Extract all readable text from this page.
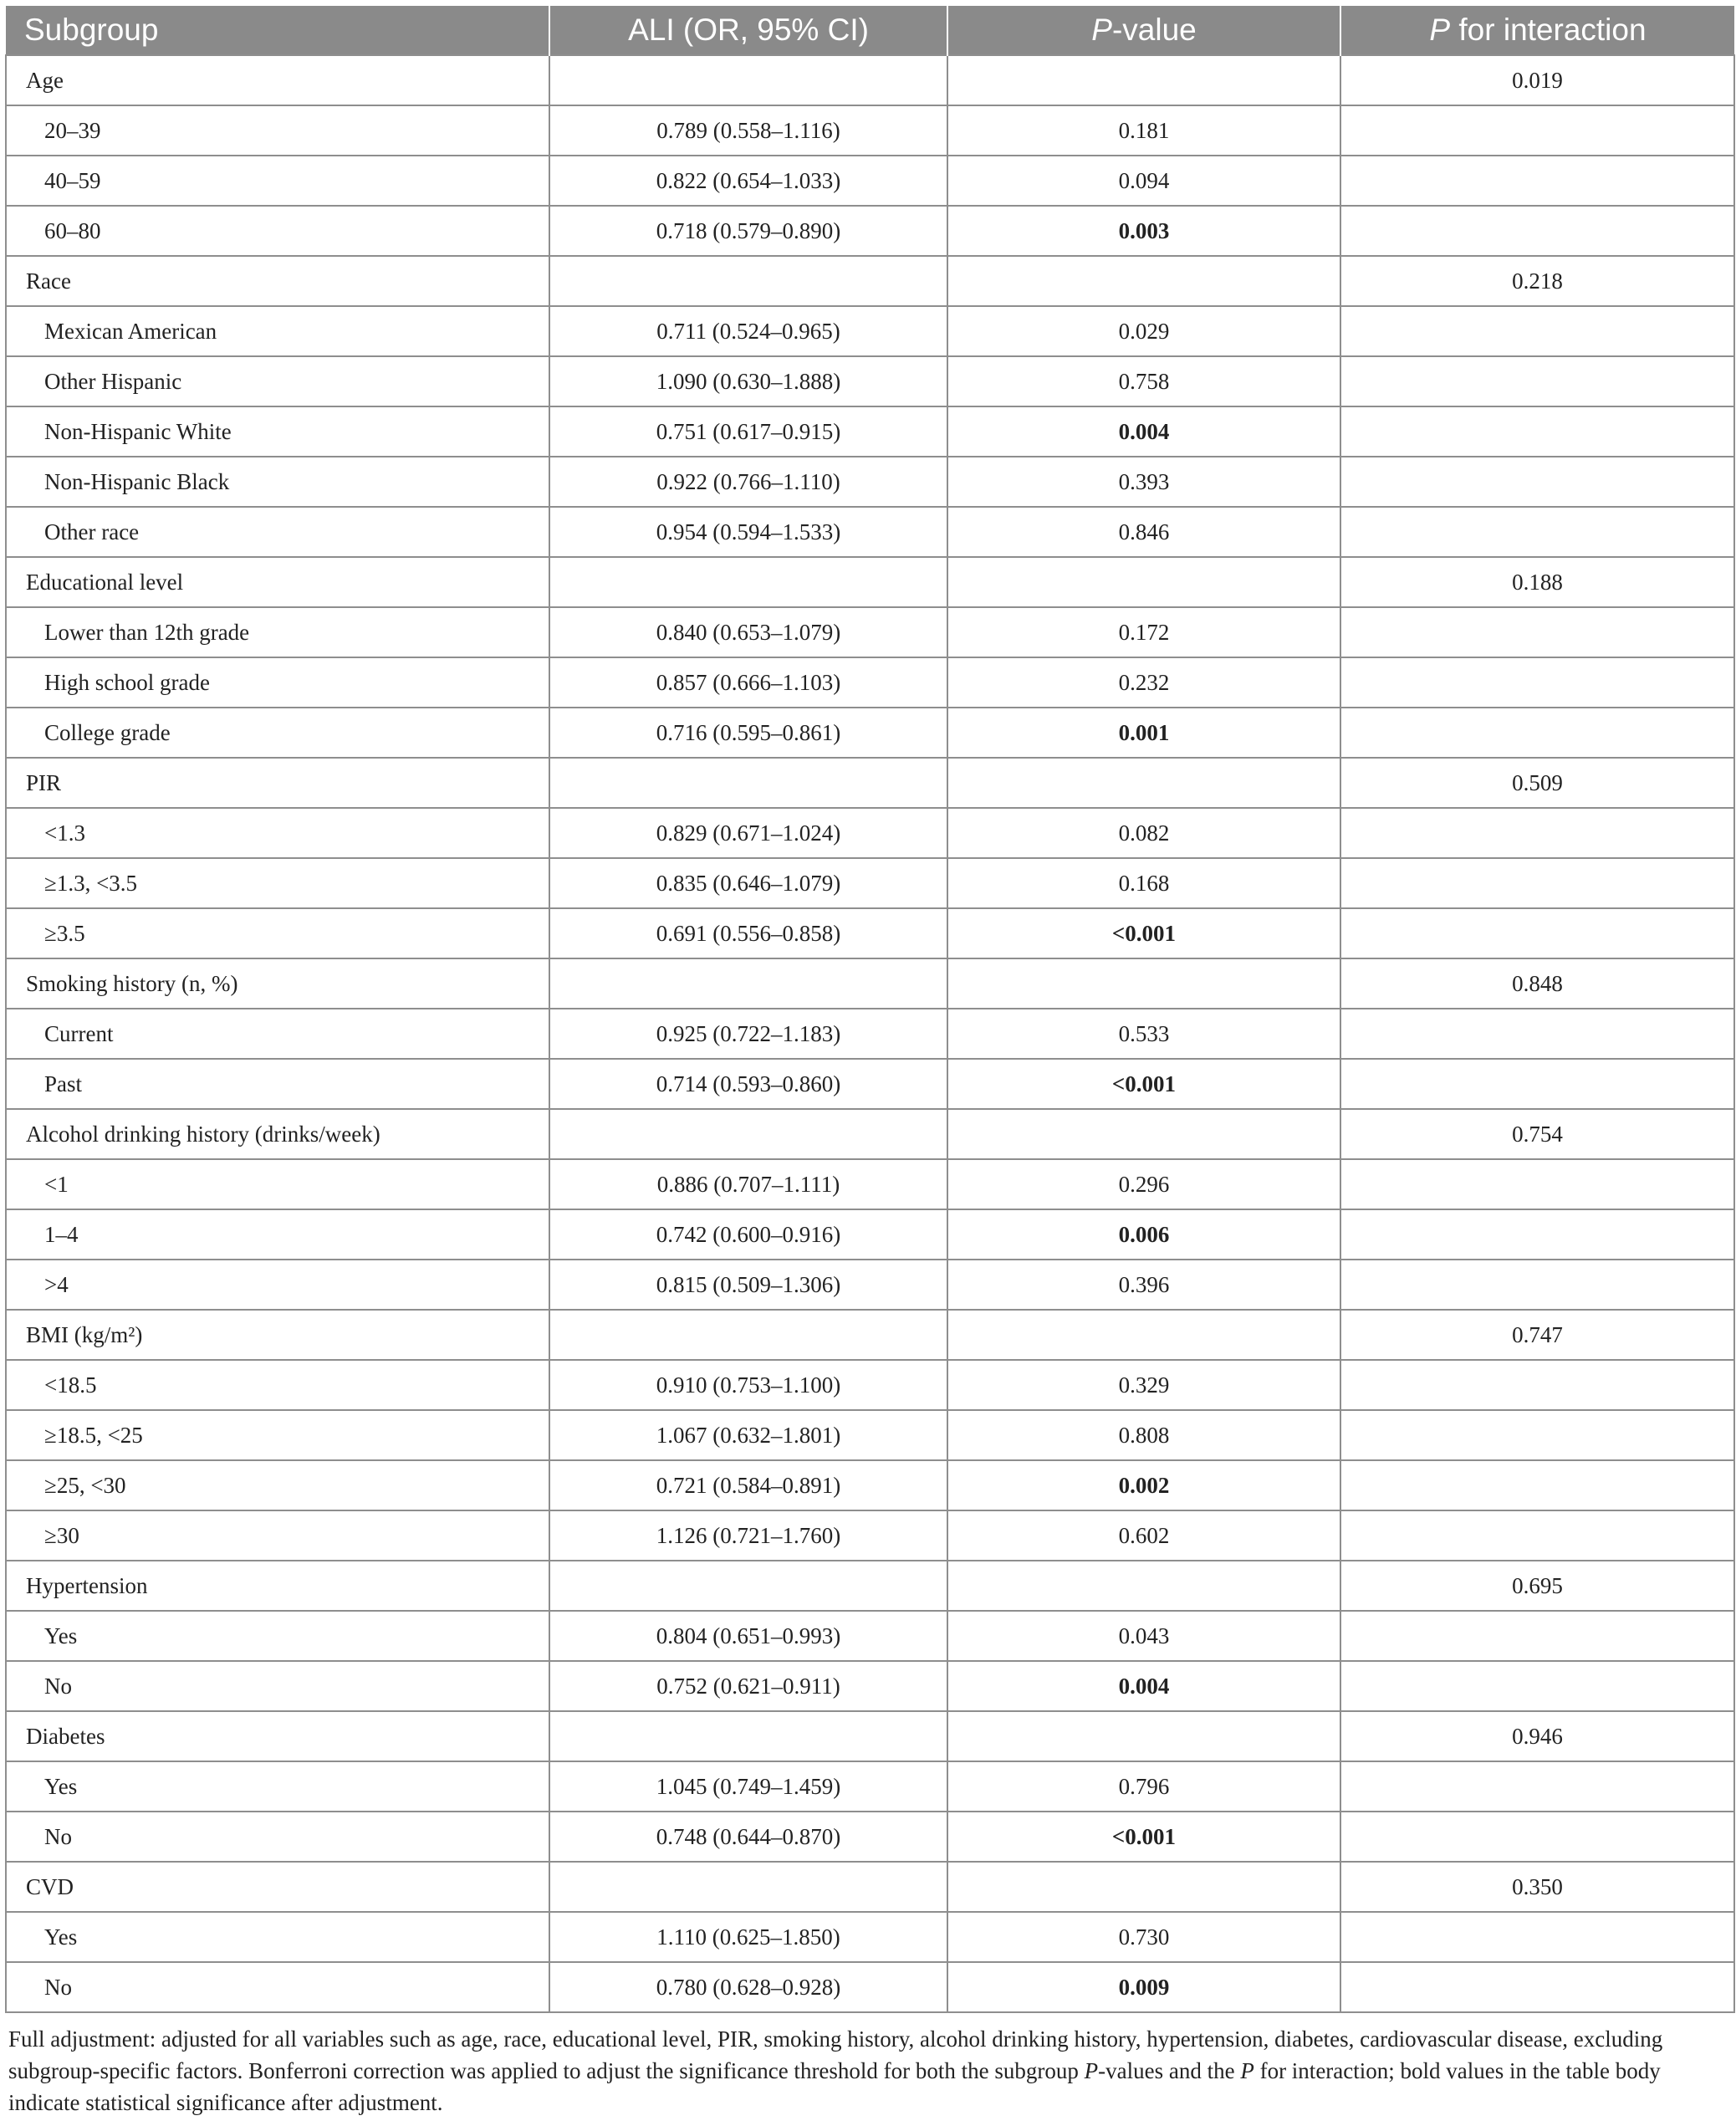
Subgroup	ALI (OR, 95% CI)	P-value	P for interaction
Age			0.019
20–39	0.789 (0.558–1.116)	0.181	
40–59	0.822 (0.654–1.033)	0.094	
60–80	0.718 (0.579–0.890)	0.003	
Race			0.218
Mexican American	0.711 (0.524–0.965)	0.029	
Other Hispanic	1.090 (0.630–1.888)	0.758	
Non-Hispanic White	0.751 (0.617–0.915)	0.004	
Non-Hispanic Black	0.922 (0.766–1.110)	0.393	
Other race	0.954 (0.594–1.533)	0.846	
Educational level			0.188
Lower than 12th grade	0.840 (0.653–1.079)	0.172	
High school grade	0.857 (0.666–1.103)	0.232	
College grade	0.716 (0.595–0.861)	0.001	
PIR			0.509
<1.3	0.829 (0.671–1.024)	0.082	
≥1.3, <3.5	0.835 (0.646–1.079)	0.168	
≥3.5	0.691 (0.556–0.858)	<0.001	
Smoking history (n, %)			0.848
Current	0.925 (0.722–1.183)	0.533	
Past	0.714 (0.593–0.860)	<0.001	
Alcohol drinking history (drinks/week)			0.754
<1	0.886 (0.707–1.111)	0.296	
1–4	0.742 (0.600–0.916)	0.006	
>4	0.815 (0.509–1.306)	0.396	
BMI (kg/m²)			0.747
<18.5	0.910 (0.753–1.100)	0.329	
≥18.5, <25	1.067 (0.632–1.801)	0.808	
≥25, <30	0.721 (0.584–0.891)	0.002	
≥30	1.126 (0.721–1.760)	0.602	
Hypertension			0.695
Yes	0.804 (0.651–0.993)	0.043	
No	0.752 (0.621–0.911)	0.004	
Diabetes			0.946
Yes	1.045 (0.749–1.459)	0.796	
No	0.748 (0.644–0.870)	<0.001	
CVD			0.350
Yes	1.110 (0.625–1.850)	0.730	
No	0.780 (0.628–0.928)	0.009	

Full adjustment: adjusted for all variables such as age, race, educational level, PIR, smoking history, alcohol drinking history, hypertension, diabetes, cardiovascular disease, excluding subgroup-specific factors. Bonferroni correction was applied to adjust the significance threshold for both the subgroup P-values and the P for interaction; bold values in the table body indicate statistical significance after adjustment.
